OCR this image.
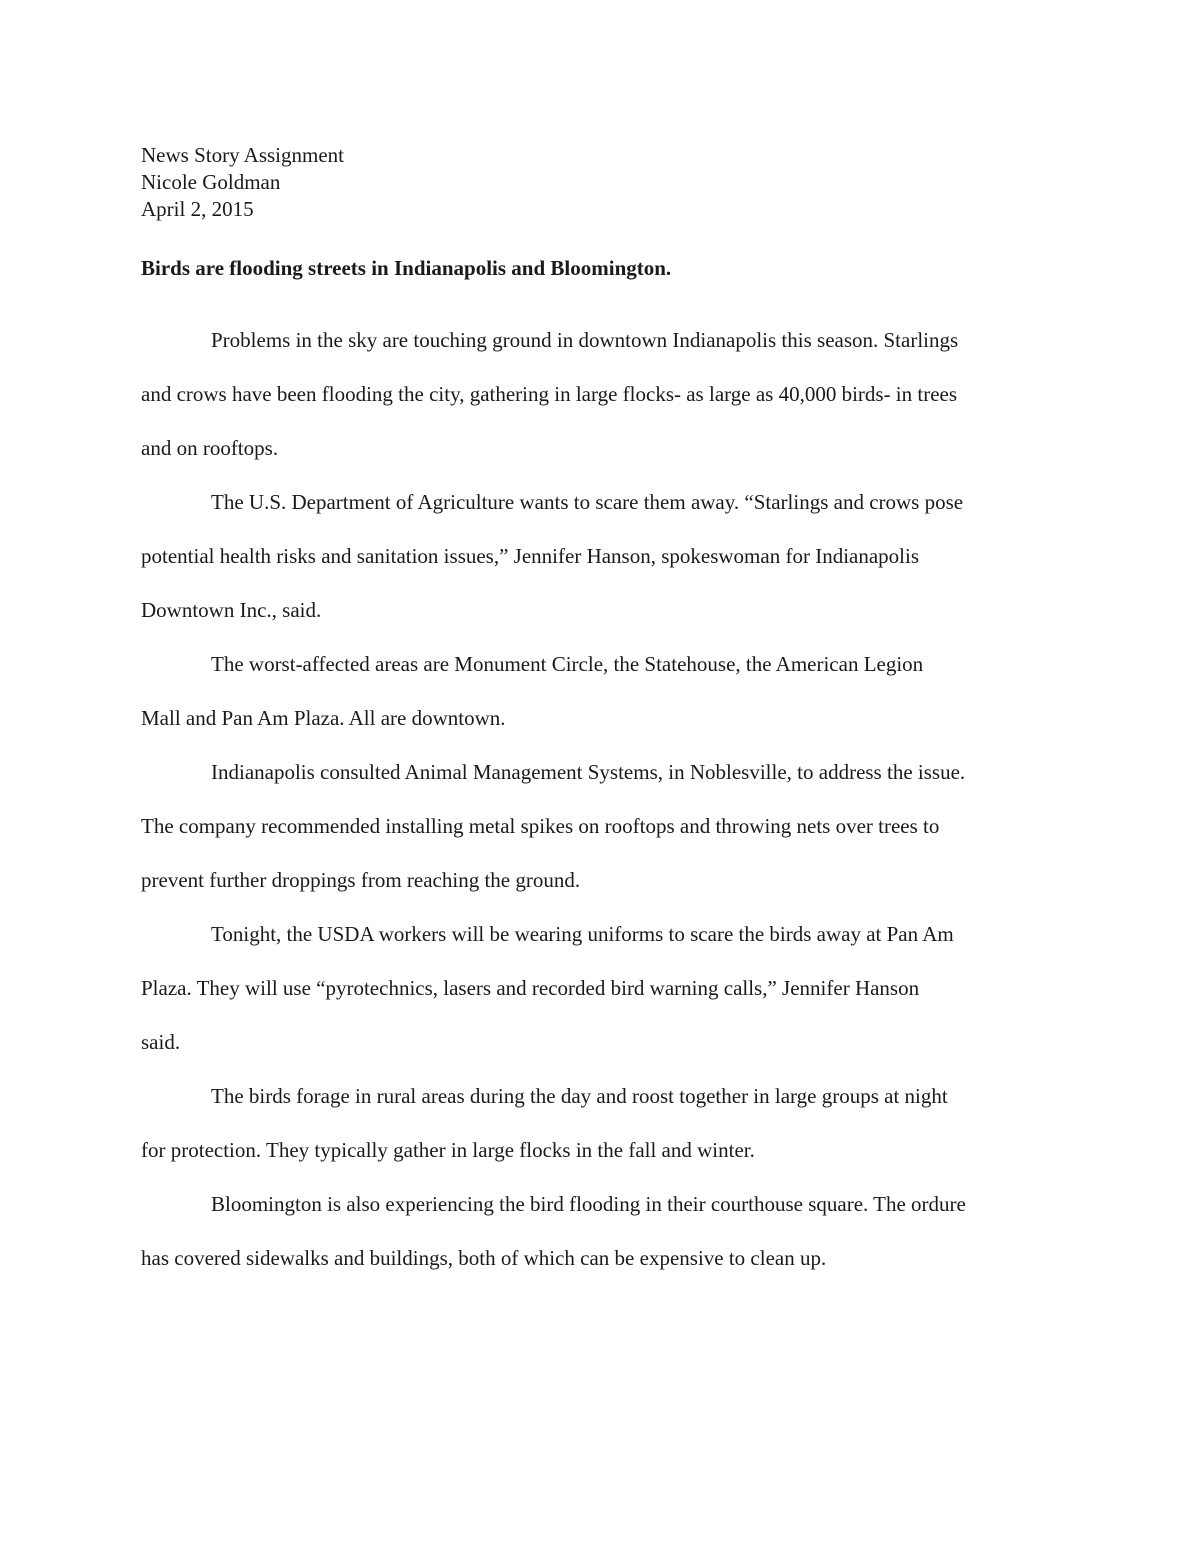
News Story Assignment
Nicole Goldman
April 2, 2015
Birds are flooding streets in Indianapolis and Bloomington.
Problems in the sky are touching ground in downtown Indianapolis this season. Starlings
and crows have been flooding the city, gathering in large flocks- as large as 40,000 birds- in trees
and on rooftops.
The U.S. Department of Agriculture wants to scare them away. “Starlings and crows pose
potential health risks and sanitation issues,” Jennifer Hanson, spokeswoman for Indianapolis
Downtown Inc., said.
The worst-affected areas are Monument Circle, the Statehouse, the American Legion
Mall and Pan Am Plaza. All are downtown.
Indianapolis consulted Animal Management Systems, in Noblesville, to address the issue.
The company recommended installing metal spikes on rooftops and throwing nets over trees to
prevent further droppings from reaching the ground.
Tonight, the USDA workers will be wearing uniforms to scare the birds away at Pan Am
Plaza. They will use “pyrotechnics, lasers and recorded bird warning calls,” Jennifer Hanson
said.
The birds forage in rural areas during the day and roost together in large groups at night
for protection. They typically gather in large flocks in the fall and winter.
Bloomington is also experiencing the bird flooding in their courthouse square. The ordure
has covered sidewalks and buildings, both of which can be expensive to clean up.
